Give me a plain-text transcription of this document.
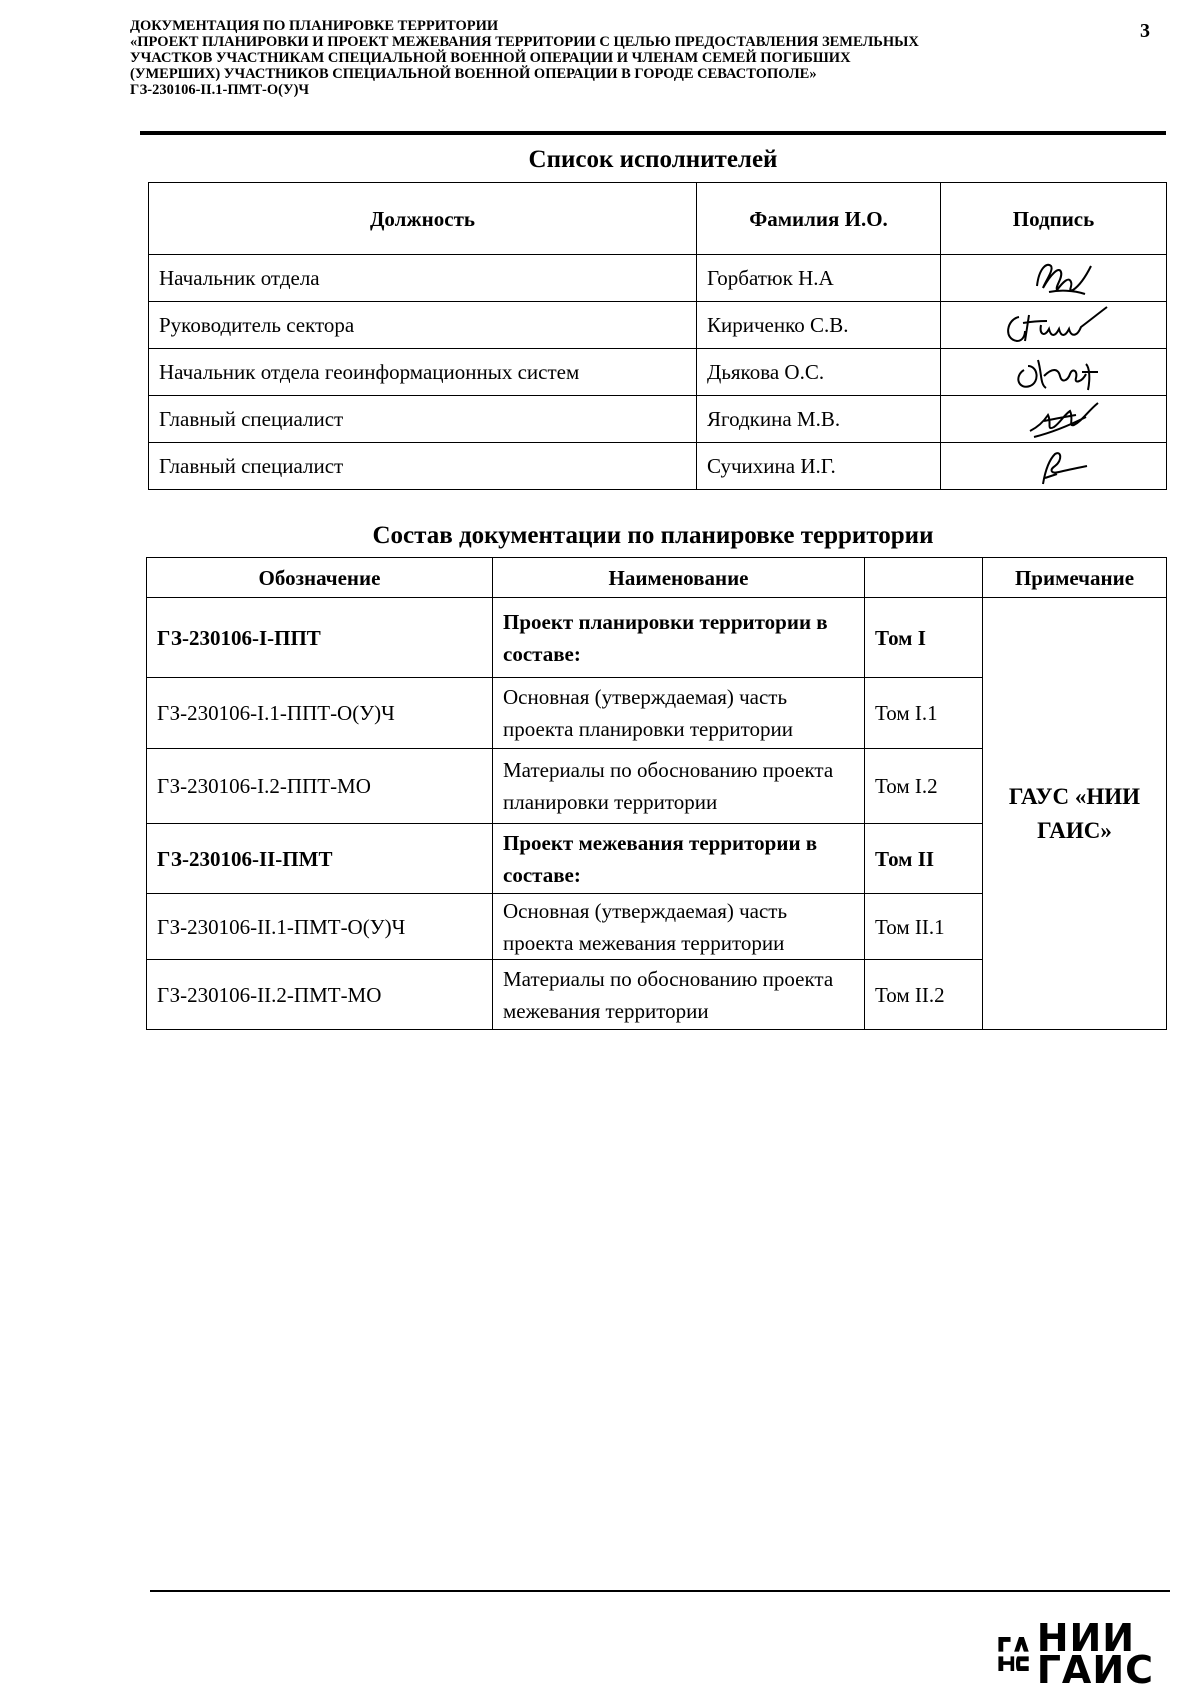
ДОКУМЕНТАЦИЯ ПО ПЛАНИРОВКЕ ТЕРРИТОРИИ
«ПРОЕКТ ПЛАНИРОВКИ И ПРОЕКТ МЕЖЕВАНИЯ ТЕРРИТОРИИ С ЦЕЛЬЮ ПРЕДОСТАВЛЕНИЯ ЗЕМЕЛЬНЫХ
УЧАСТКОВ УЧАСТНИКАМ СПЕЦИАЛЬНОЙ ВОЕННОЙ ОПЕРАЦИИ И ЧЛЕНАМ СЕМЕЙ ПОГИБШИХ
(УМЕРШИХ) УЧАСТНИКОВ СПЕЦИАЛЬНОЙ ВОЕННОЙ ОПЕРАЦИИ В ГОРОДЕ СЕВАСТОПОЛЕ»
ГЗ-230106-II.1-ПМТ-О(У)Ч
3
Список исполнителей
Должность	Фамилия И.О.	Подпись
Начальник отдела	Горбатюк Н.А	

Руководитель сектора	Кириченко С.В.	

Начальник отдела геоинформационных систем	Дьякова О.С.	

Главный специалист	Ягодкина М.В.	

Главный специалист	Сучихина И.Г.	
Состав документации по планировке территории
Обозначение	Наименование		Примечание
ГЗ-230106-I-ППТ	Проект планировки территории в составе:	Том I	ГАУС «НИИ ГАИС»
ГЗ-230106-I.1-ППТ-О(У)Ч	Основная (утверждаемая) часть проекта планировки территории	Том I.1	
ГЗ-230106-I.2-ППТ-МО	Материалы по обоснованию проекта планировки территории	Том I.2	
ГЗ-230106-II-ПМТ	Проект межевания территории в составе:	Том II	
ГЗ-230106-II.1-ПМТ-О(У)Ч	Основная (утверждаемая) часть проекта межевания территории	Том II.1	
ГЗ-230106-II.2-ПМТ-МО	Материалы по обоснованию проекта межевания территории	Том II.2	
НИИ ГАИС
